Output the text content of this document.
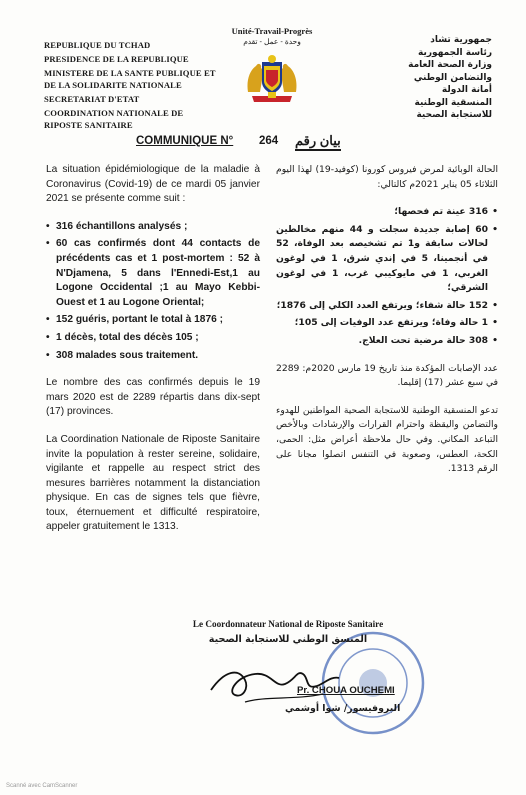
REPUBLIQUE DU TCHAD
PRESIDENCE DE LA REPUBLIQUE
MINISTERE DE LA SANTE PUBLIQUE ET DE LA SOLIDARITE NATIONALE
SECRETARIAT D'ETAT
COORDINATION NATIONALE DE RIPOSTE SANITAIRE
Unité-Travail-Progrès
وحدة - عمل - تقدم	جمهورية تشاد
رئاسة الجمهورية
وزارة الصحة العامة
والتضامن الوطني
أمانة الدولة
المنسقية الوطنية
للاستجابة الصحية
COMMUNIQUE N° 264 بيان رقم

La situation épidémiologique de la maladie à Coronavirus (Covid-19) de ce mardi 05 janvier 2021 se présente comme suit :

• 316 échantillons analysés ;
• 60 cas confirmés dont 44 contacts de précédents cas et 1 post-mortem : 52 à N'Djamena, 5 dans l'Ennedi-Est,1 au Logone Occidental ;1 au Mayo Kebbi-Ouest et 1 au Logone Oriental;
• 152 guéris, portant le total à 1876 ;
• 1 décès, total des décès 105 ;
• 308 malades sous traitement.

Le nombre des cas confirmés depuis le 19 mars 2020 est de 2289 répartis dans dix-sept (17) provinces.

La Coordination Nationale de Riposte Sanitaire invite la population à rester sereine, solidaire, vigilante et rappelle au respect strict des mesures barrières notamment la distanciation physique. En cas de signes tels que fièvre, toux, éternuement et difficulté respiratoire, appeler gratuitement le 1313.

الحالة الوبائية لمرض فيروس كورونا (كوفيد-19) لهذا اليوم الثلاثاء 05 يناير 2021م كالتالي:

• 316 عينة تم فحصها؛
• 60 إصابة جديدة سجلت و 44 منهم مخالطين لحالات سابقة و1 تم تشخيصه بعد الوفاة، 52 في أنجمينا، 5 في إندي شرق، 1 في لوغون الغربي، 1 في مايوكيبي غرب، 1 في لوغون الشرقي؛
• 152 حالة شفاء؛ ويرتفع العدد الكلي إلى 1876؛
• 1 حالة وفاة؛ ويرتفع عدد الوفيات إلى 105؛
• 308 حالة مرضية تحت العلاج.

عدد الإصابات المؤكدة منذ تاريخ 19 مارس 2020م: 2289 في سبع عشر (17) إقليما.

تدعو المنسقية الوطنية للاستجابة الصحية المواطنين للهدوء والتضامن واليقظة واحترام القرارات والإرشادات وبالأخص التباعد المكاني. وفي حال ملاحظة أعراض مثل: الحمى، الكحة، العطس، وصعوبة في التنفس اتصلوا مجانا على الرقم 1313.

Le Coordonnateur National de Riposte Sanitaire
المنسق الوطني للاستجابة الصحية
Pr. CHOUA OUCHEMI
البروفيسور/ شوا أوشمي
Scanné avec CamScanner
